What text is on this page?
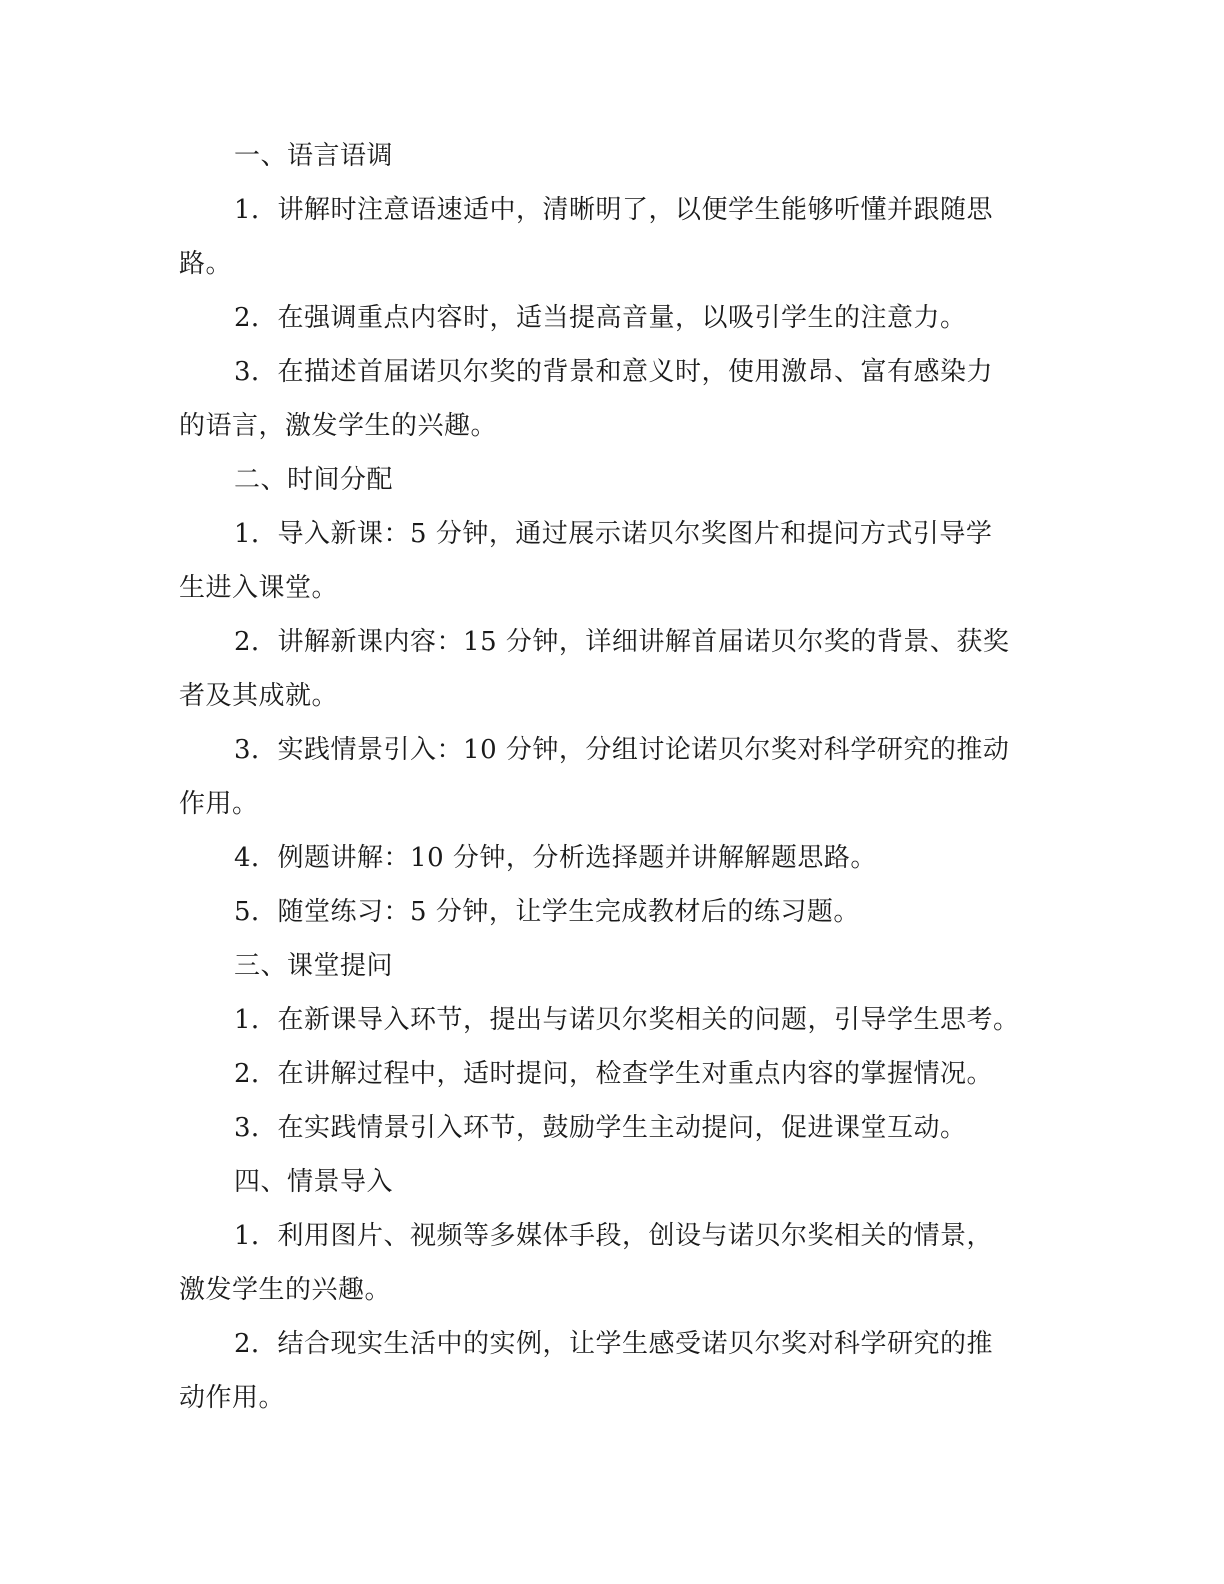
一、语言语调
1．讲解时注意语速适中，清晰明了，以便学生能够听懂并跟随思
路。
2．在强调重点内容时，适当提高音量，以吸引学生的注意力。
3．在描述首届诺贝尔奖的背景和意义时，使用激昂、富有感染力
的语言，激发学生的兴趣。
二、时间分配
1．导入新课：5 分钟，通过展示诺贝尔奖图片和提问方式引导学
生进入课堂。
2．讲解新课内容：15 分钟，详细讲解首届诺贝尔奖的背景、获奖
者及其成就。
3．实践情景引入：10 分钟，分组讨论诺贝尔奖对科学研究的推动
作用。
4．例题讲解：10 分钟，分析选择题并讲解解题思路。
5．随堂练习：5 分钟，让学生完成教材后的练习题。
三、课堂提问
1．在新课导入环节，提出与诺贝尔奖相关的问题，引导学生思考。
2．在讲解过程中，适时提问，检查学生对重点内容的掌握情况。
3．在实践情景引入环节，鼓励学生主动提问，促进课堂互动。
四、情景导入
1．利用图片、视频等多媒体手段，创设与诺贝尔奖相关的情景，
激发学生的兴趣。
2．结合现实生活中的实例，让学生感受诺贝尔奖对科学研究的推
动作用。
